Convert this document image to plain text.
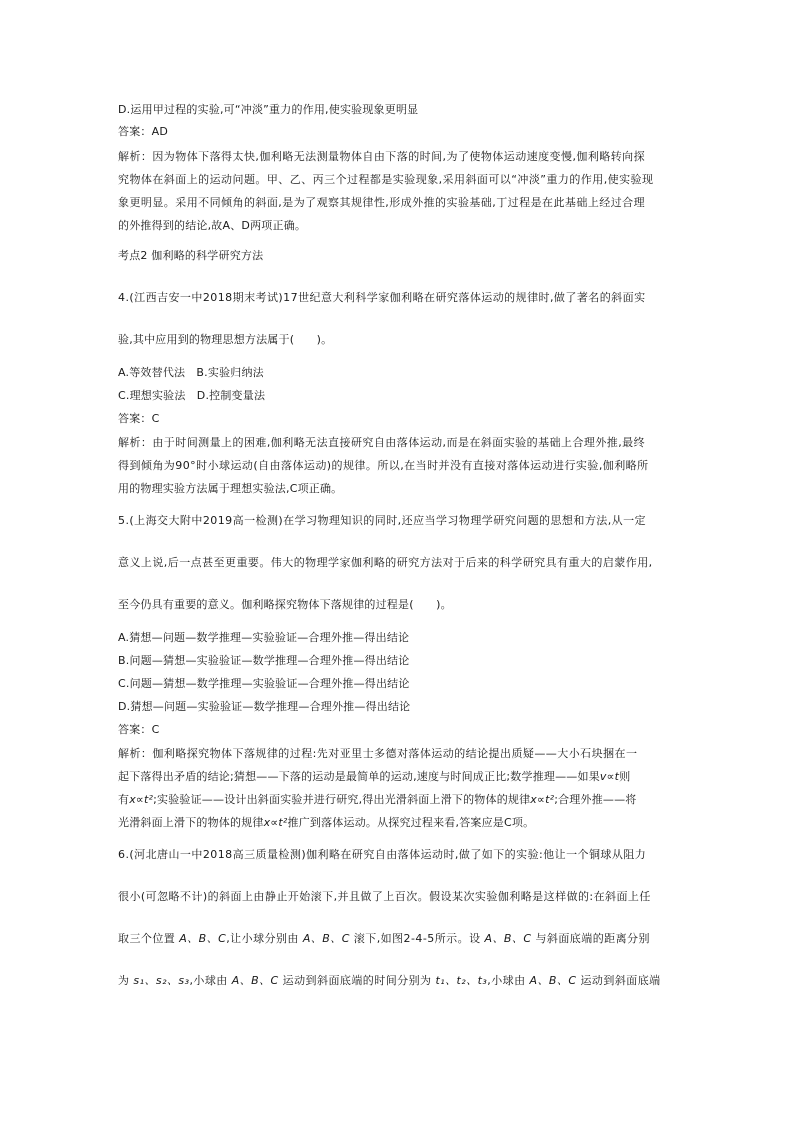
D.运用甲过程的实验,可“冲淡”重力的作用,使实验现象更明显
答案：AD
解析：因为物体下落得太快,伽利略无法测量物体自由下落的时间,为了使物体运动速度变慢,伽利略转向探
究物体在斜面上的运动问题。甲、乙、丙三个过程都是实验现象,采用斜面可以“冲淡”重力的作用,使实验现
象更明显。采用不同倾角的斜面,是为了观察其规律性,形成外推的实验基础,丁过程是在此基础上经过合理
的外推得到的结论,故A、D两项正确。
考点2 伽利略的科学研究方法
4.(江西吉安一中2018期末考试)17世纪意大利科学家伽利略在研究落体运动的规律时,做了著名的斜面实
验,其中应用到的物理思想方法属于(　　)。
A.等效替代法　B.实验归纳法
C.理想实验法　D.控制变量法
答案：C
解析：由于时间测量上的困难,伽利略无法直接研究自由落体运动,而是在斜面实验的基础上合理外推,最终
得到倾角为90°时小球运动(自由落体运动)的规律。所以,在当时并没有直接对落体运动进行实验,伽利略所
用的物理实验方法属于理想实验法,C项正确。
5.(上海交大附中2019高一检测)在学习物理知识的同时,还应当学习物理学研究问题的思想和方法,从一定
意义上说,后一点甚至更重要。伟大的物理学家伽利略的研究方法对于后来的科学研究具有重大的启蒙作用,
至今仍具有重要的意义。伽利略探究物体下落规律的过程是(　　)。
A.猜想—问题—数学推理—实验验证—合理外推—得出结论
B.问题—猜想—实验验证—数学推理—合理外推—得出结论
C.问题—猜想—数学推理—实验验证—合理外推—得出结论
D.猜想—问题—实验验证—数学推理—合理外推—得出结论
答案：C
解析：伽利略探究物体下落规律的过程:先对亚里士多德对落体运动的结论提出质疑——大小石块捆在一
起下落得出矛盾的结论;猜想——下落的运动是最简单的运动,速度与时间成正比;数学推理——如果v∝t则
有x∝t²;实验验证——设计出斜面实验并进行研究,得出光滑斜面上滑下的物体的规律x∝t²;合理外推——将
光滑斜面上滑下的物体的规律x∝t²推广到落体运动。从探究过程来看,答案应是C项。
6.(河北唐山一中2018高三质量检测)伽利略在研究自由落体运动时,做了如下的实验:他让一个铜球从阻力
很小(可忽略不计)的斜面上由静止开始滚下,并且做了上百次。假设某次实验伽利略是这样做的:在斜面上任
取三个位置 A、B、C,让小球分别由 A、B、C 滚下,如图2-4-5所示。设 A、B、C 与斜面底端的距离分别
为 s₁、s₂、s₃,小球由 A、B、C 运动到斜面底端的时间分别为 t₁、t₂、t₃,小球由 A、B、C 运动到斜面底端
